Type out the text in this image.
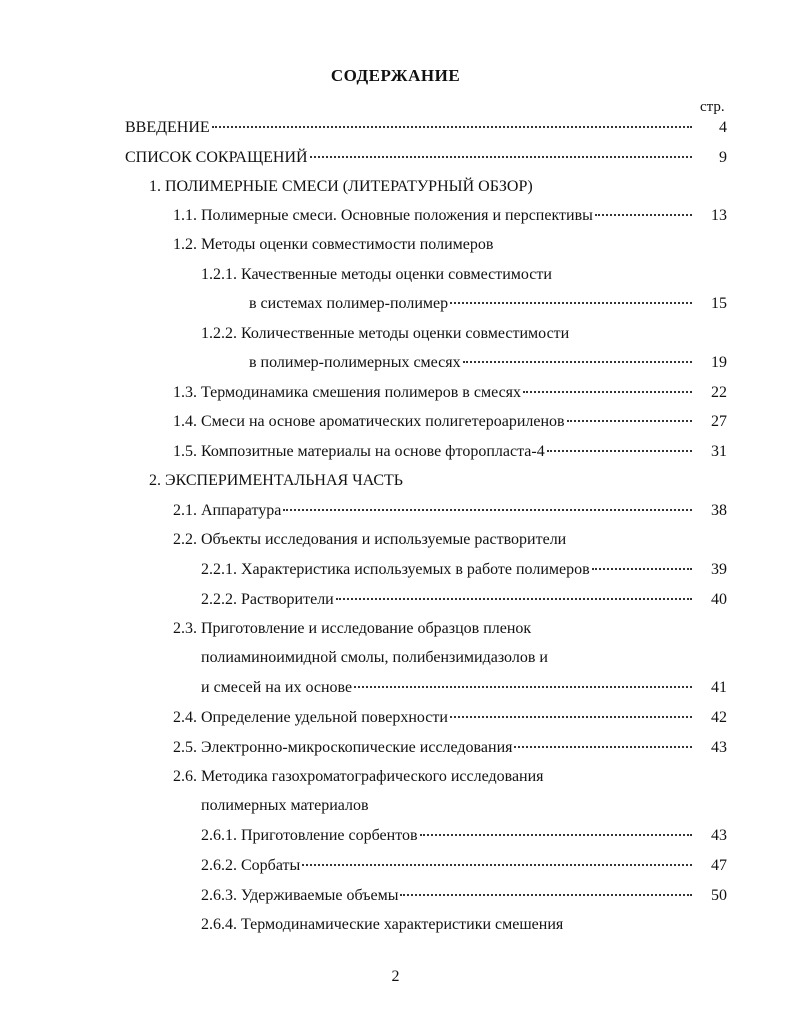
СОДЕРЖАНИЕ
стр.
ВВЕДЕНИЕ	4
СПИСОК СОКРАЩЕНИЙ	9
1. ПОЛИМЕРНЫЕ СМЕСИ (ЛИТЕРАТУРНЫЙ ОБЗОР)
1.1. Полимерные смеси. Основные положения и перспективы	13
1.2. Методы оценки совместимости полимеров
1.2.1. Качественные методы оценки совместимости
в системах полимер-полимер	15
1.2.2. Количественные методы оценки совместимости
в полимер-полимерных смесях	19
1.3. Термодинамика смешения полимеров в смесях	22
1.4. Смеси на основе ароматических полигетероариленов	27
1.5. Композитные материалы на основе фторопласта-4	31
2. ЭКСПЕРИМЕНТАЛЬНАЯ ЧАСТЬ
2.1. Аппаратура	38
2.2. Объекты исследования и используемые растворители
2.2.1. Характеристика используемых в работе полимеров	39
2.2.2. Растворители	40
2.3. Приготовление и исследование образцов пленок
полиаминоимидной смолы, полибензимидазолов и
и смесей на их основе	41
2.4. Определение удельной поверхности	42
2.5. Электронно-микроскопические исследования	43
2.6. Методика газохроматографического исследования
полимерных материалов
2.6.1. Приготовление сорбентов	43
2.6.2. Сорбаты	47
2.6.3. Удерживаемые объемы	50
2.6.4. Термодинамические характеристики смешения
2
